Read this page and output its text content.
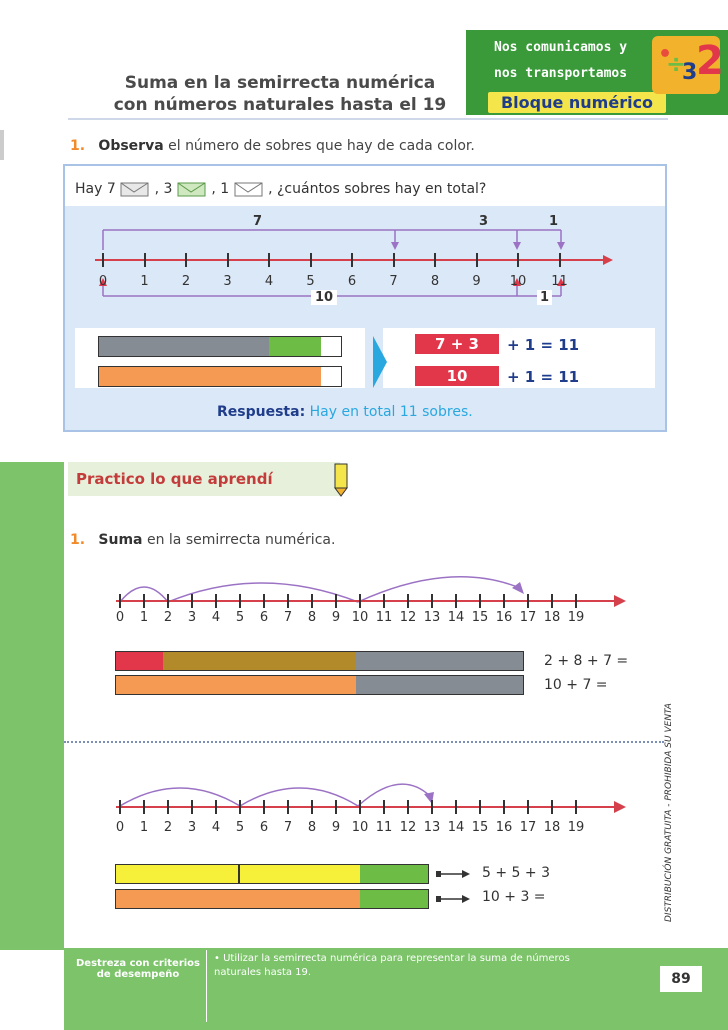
Suma en la semirrecta numérica
con números naturales hasta el 19
Nos comunicamos y
nos transportamos
Bloque numérico
•
÷
3
2
1. Observa el número de sobres que hay de cada color.
Hay 7	, 3	, 1	, ¿cuántos sobres hay en total?
0	1	2	3	4	5	6	7	8	9	10 11
7	3	1
10	1
7 + 3	+ 1 = 11
10	+ 1 = 11
Respuesta: Hay en total 11 sobres.
Practico lo que aprendí
1. Suma en la semirrecta numérica.
0	1	2	3	4	5	6	7	8	9 10 11 12 13 14 15 16 17 18 19
2 + 8 + 7 =
10 + 7 =
0	1	2	3	4	5	6	7	8	9 10 11 12 13 14 15 16 17 18 19
5 + 5 + 3
10 + 3 =	DISTRIBUCIÓN GRATUITA - PROHIBIDA SU VENTA
Destreza con criterios de desempeño
• Utilizar la semirrecta numérica para representar la suma de números naturales hasta 19.	89
